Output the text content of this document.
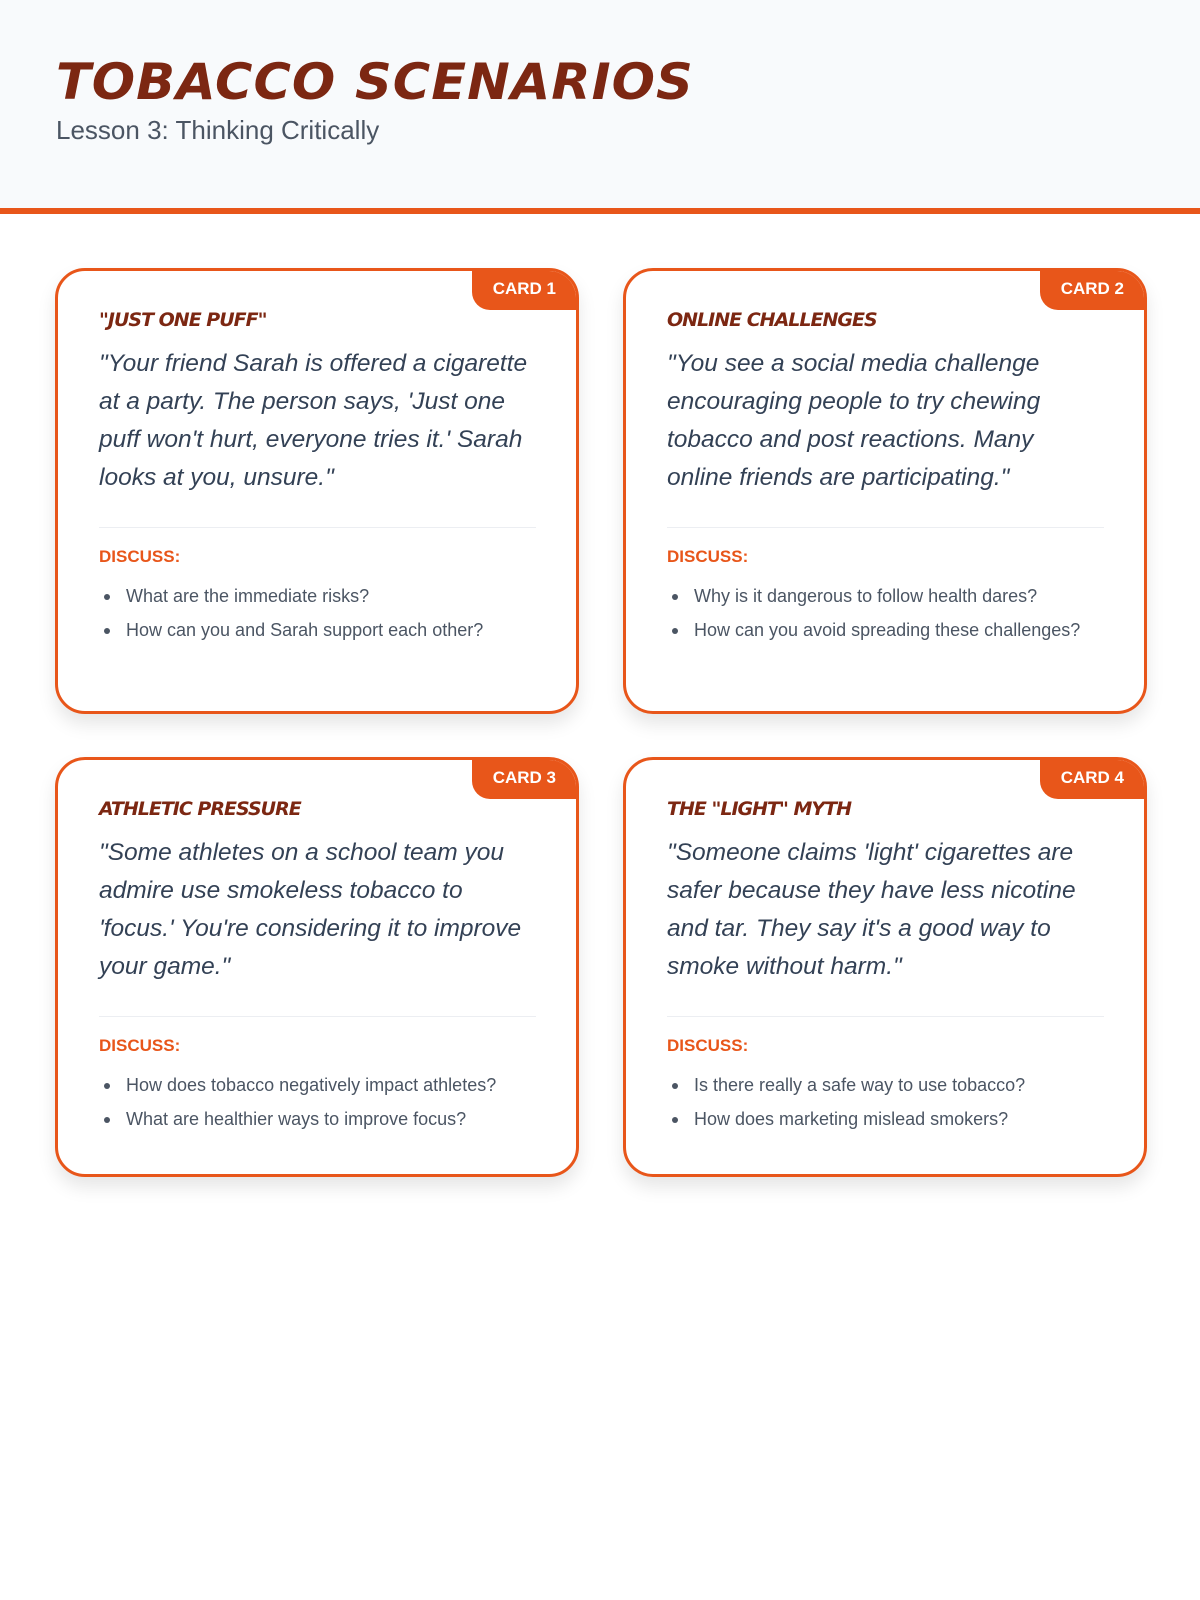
TOBACCO SCENARIOS

Lesson 3: Thinking Critically

CARD 1
"JUST ONE PUFF"

"Your friend Sarah is offered a cigarette at a party. The person says, 'Just one puff won't hurt, everyone tries it.' Sarah looks at you, unsure."

DISCUSS:
What are the immediate risks?
How can you and Sarah support each other?
CARD 2
ONLINE CHALLENGES

"You see a social media challenge encouraging people to try chewing tobacco and post reactions. Many online friends are participating."

DISCUSS:
Why is it dangerous to follow health dares?
How can you avoid spreading these challenges?
CARD 3
ATHLETIC PRESSURE

"Some athletes on a school team you admire use smokeless tobacco to 'focus.' You're considering it to improve your game."

DISCUSS:
How does tobacco negatively impact athletes?
What are healthier ways to improve focus?
CARD 4
THE "LIGHT" MYTH

"Someone claims 'light' cigarettes are safer because they have less nicotine and tar. They say it's a good way to smoke without harm."

DISCUSS:
Is there really a safe way to use tobacco?
How does marketing mislead smokers?
